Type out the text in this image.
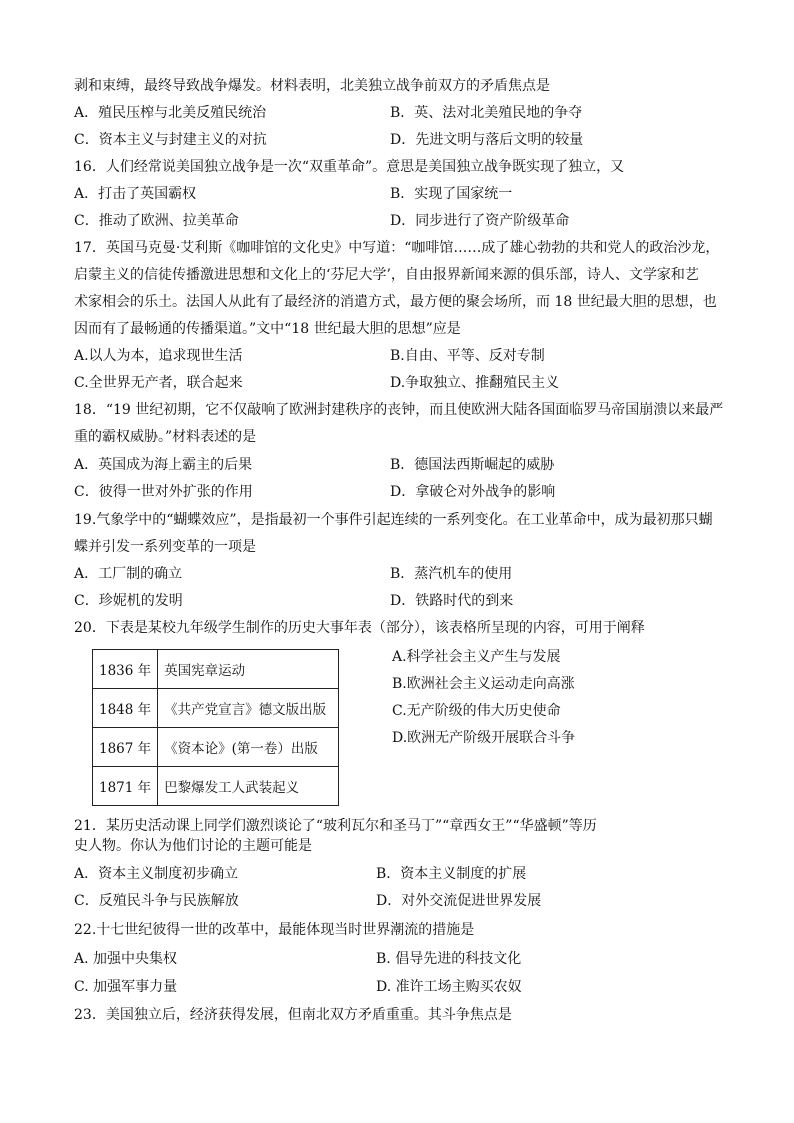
剥和束缚，最终导致战争爆发。材料表明，北美独立战争前双方的矛盾焦点是
A．殖民压榨与北美反殖民统治	B．英、法对北美殖民地的争夺
C．资本主义与封建主义的对抗	D．先进文明与落后文明的较量
16．人们经常说美国独立战争是一次“双重革命”。意思是美国独立战争既实现了独立，又
A．打击了英国霸权	B．实现了国家统一
C．推动了欧洲、拉美革命	D．同步进行了资产阶级革命
17．英国马克曼·艾利斯《咖啡馆的文化史》中写道：“咖啡馆……成了雄心勃勃的共和党人的政治沙龙，
启蒙主义的信徒传播激进思想和文化上的‘芬尼大学’，自由报界新闻来源的俱乐部，诗人、文学家和艺
术家相会的乐土。法国人从此有了最经济的消遣方式，最方便的聚会场所，而 18 世纪最大胆的思想，也
因而有了最畅通的传播渠道。”文中“18 世纪最大胆的思想”应是
A.以人为本，追求现世生活	B.自由、平等、反对专制
C.全世界无产者，联合起来	D.争取独立、推翻殖民主义
18．“19 世纪初期，它不仅敲响了欧洲封建秩序的丧钟，而且使欧洲大陆各国面临罗马帝国崩溃以来最严
重的霸权威胁。”材料表述的是
A．英国成为海上霸主的后果	B．德国法西斯崛起的威胁
C．彼得一世对外扩张的作用	D．拿破仑对外战争的影响
19.气象学中的“蝴蝶效应”，是指最初一个事件引起连续的一系列变化。在工业革命中，成为最初那只蝴
蝶并引发一系列变革的一项是
A．工厂制的确立	B．蒸汽机车的使用
C．珍妮机的发明	D．铁路时代的到来
20．下表是某校九年级学生制作的历史大事年表（部分），该表格所呈现的内容，可用于阐释
1836 年	英国宪章运动
1848 年	《共产党宣言》德文版出版
1867 年	《资本论》(第一卷）出版
1871 年	巴黎爆发工人武装起义
A.科学社会主义产生与发展
B.欧洲社会主义运动走向高涨
C.无产阶级的伟大历史使命
D.欧洲无产阶级开展联合斗争
21．某历史活动课上同学们激烈谈论了“玻利瓦尔和圣马丁”“章西女王”“华盛顿”等历
史人物。你认为他们讨论的主题可能是
A．资本主义制度初步确立	B．资本主义制度的扩展
C．反殖民斗争与民族解放	D．对外交流促进世界发展
22.十七世纪彼得一世的改革中，最能体现当时世界潮流的措施是
A. 加强中央集权	B. 倡导先进的科技文化
C. 加强军事力量	D. 准许工场主购买农奴
23．美国独立后，经济获得发展，但南北双方矛盾重重。其斗争焦点是
